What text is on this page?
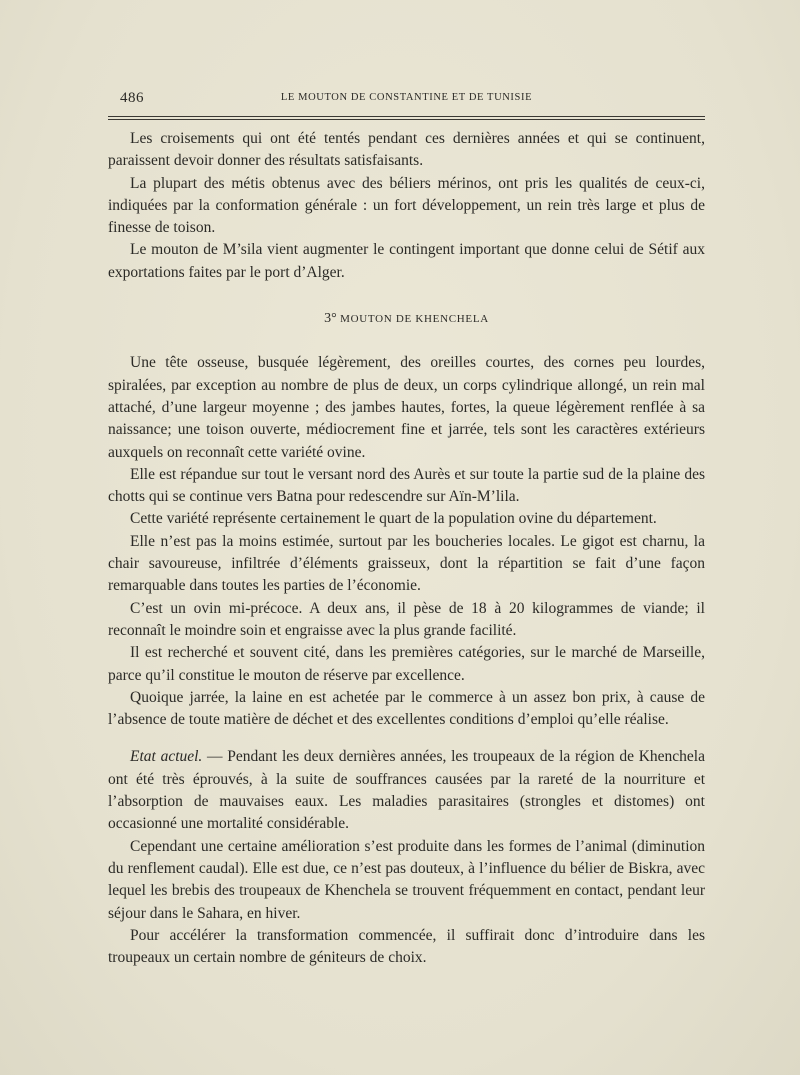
486	LE MOUTON DE CONSTANTINE ET DE TUNISIE

Les croisements qui ont été tentés pendant ces dernières années et qui se continuent, paraissent devoir donner des résultats satisfaisants.

La plupart des métis obtenus avec des béliers mérinos, ont pris les qualités de ceux-ci, indiquées par la conformation générale : un fort développement, un rein très large et plus de finesse de toison.

Le mouton de M’sila vient augmenter le contingent important que donne celui de Sétif aux exportations faites par le port d’Alger.

3° MOUTON DE KHENCHELA

Une tête osseuse, busquée légèrement, des oreilles courtes, des cornes peu lourdes, spiralées, par exception au nombre de plus de deux, un corps cylindrique allongé, un rein mal attaché, d’une largeur moyenne ; des jambes hautes, fortes, la queue légèrement renflée à sa naissance; une toison ouverte, médiocrement fine et jarrée, tels sont les caractères extérieurs auxquels on reconnaît cette variété ovine.

Elle est répandue sur tout le versant nord des Aurès et sur toute la partie sud de la plaine des chotts qui se continue vers Batna pour redescendre sur Aïn-M’lila.

Cette variété représente certainement le quart de la population ovine du département.

Elle n’est pas la moins estimée, surtout par les boucheries locales. Le gigot est charnu, la chair savoureuse, infiltrée d’éléments graisseux, dont la répartition se fait d’une façon remarquable dans toutes les parties de l’économie.

C’est un ovin mi-précoce. A deux ans, il pèse de 18 à 20 kilogrammes de viande; il reconnaît le moindre soin et engraisse avec la plus grande facilité.

Il est recherché et souvent cité, dans les premières catégories, sur le marché de Marseille, parce qu’il constitue le mouton de réserve par excellence.

Quoique jarrée, la laine en est achetée par le commerce à un assez bon prix, à cause de l’absence de toute matière de déchet et des excellentes conditions d’emploi qu’elle réalise.

Etat actuel. — Pendant les deux dernières années, les troupeaux de la région de Khenchela ont été très éprouvés, à la suite de souffrances causées par la rareté de la nourriture et l’absorption de mauvaises eaux. Les maladies parasitaires (strongles et distomes) ont occasionné une mortalité considérable.

Cependant une certaine amélioration s’est produite dans les formes de l’animal (diminution du renflement caudal). Elle est due, ce n’est pas douteux, à l’influence du bélier de Biskra, avec lequel les brebis des troupeaux de Khenchela se trouvent fréquemment en contact, pendant leur séjour dans le Sahara, en hiver.

Pour accélérer la transformation commencée, il suffirait donc d’introduire dans les troupeaux un certain nombre de géniteurs de choix.
